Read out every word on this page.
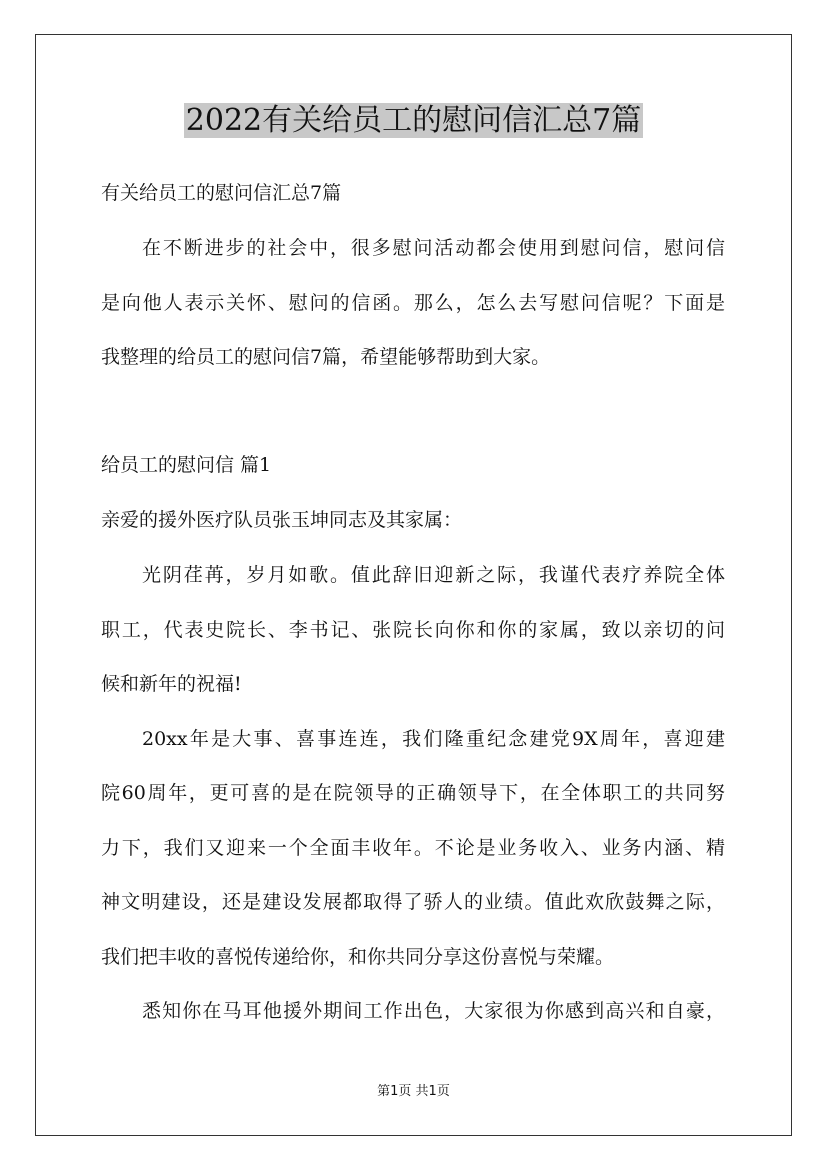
2022有关给员工的慰问信汇总7篇
有关给员工的慰问信汇总7篇
在不断进步的社会中，很多慰问活动都会使用到慰问信，慰问信
是向他人表示关怀、慰问的信函。那么，怎么去写慰问信呢？下面是
我整理的给员工的慰问信7篇，希望能够帮助到大家。
给员工的慰问信 篇1
亲爱的援外医疗队员张玉坤同志及其家属：
光阴荏苒，岁月如歌。值此辞旧迎新之际，我谨代表疗养院全体
职工，代表史院长、李书记、张院长向你和你的家属，致以亲切的问
候和新年的祝福!
20xx年是大事、喜事连连，我们隆重纪念建党9X周年，喜迎建
院60周年，更可喜的是在院领导的正确领导下，在全体职工的共同努
力下，我们又迎来一个全面丰收年。不论是业务收入、业务内涵、精
神文明建设，还是建设发展都取得了骄人的业绩。值此欢欣鼓舞之际，
我们把丰收的喜悦传递给你，和你共同分享这份喜悦与荣耀。
悉知你在马耳他援外期间工作出色，大家很为你感到高兴和自豪，
第1页 共1页
